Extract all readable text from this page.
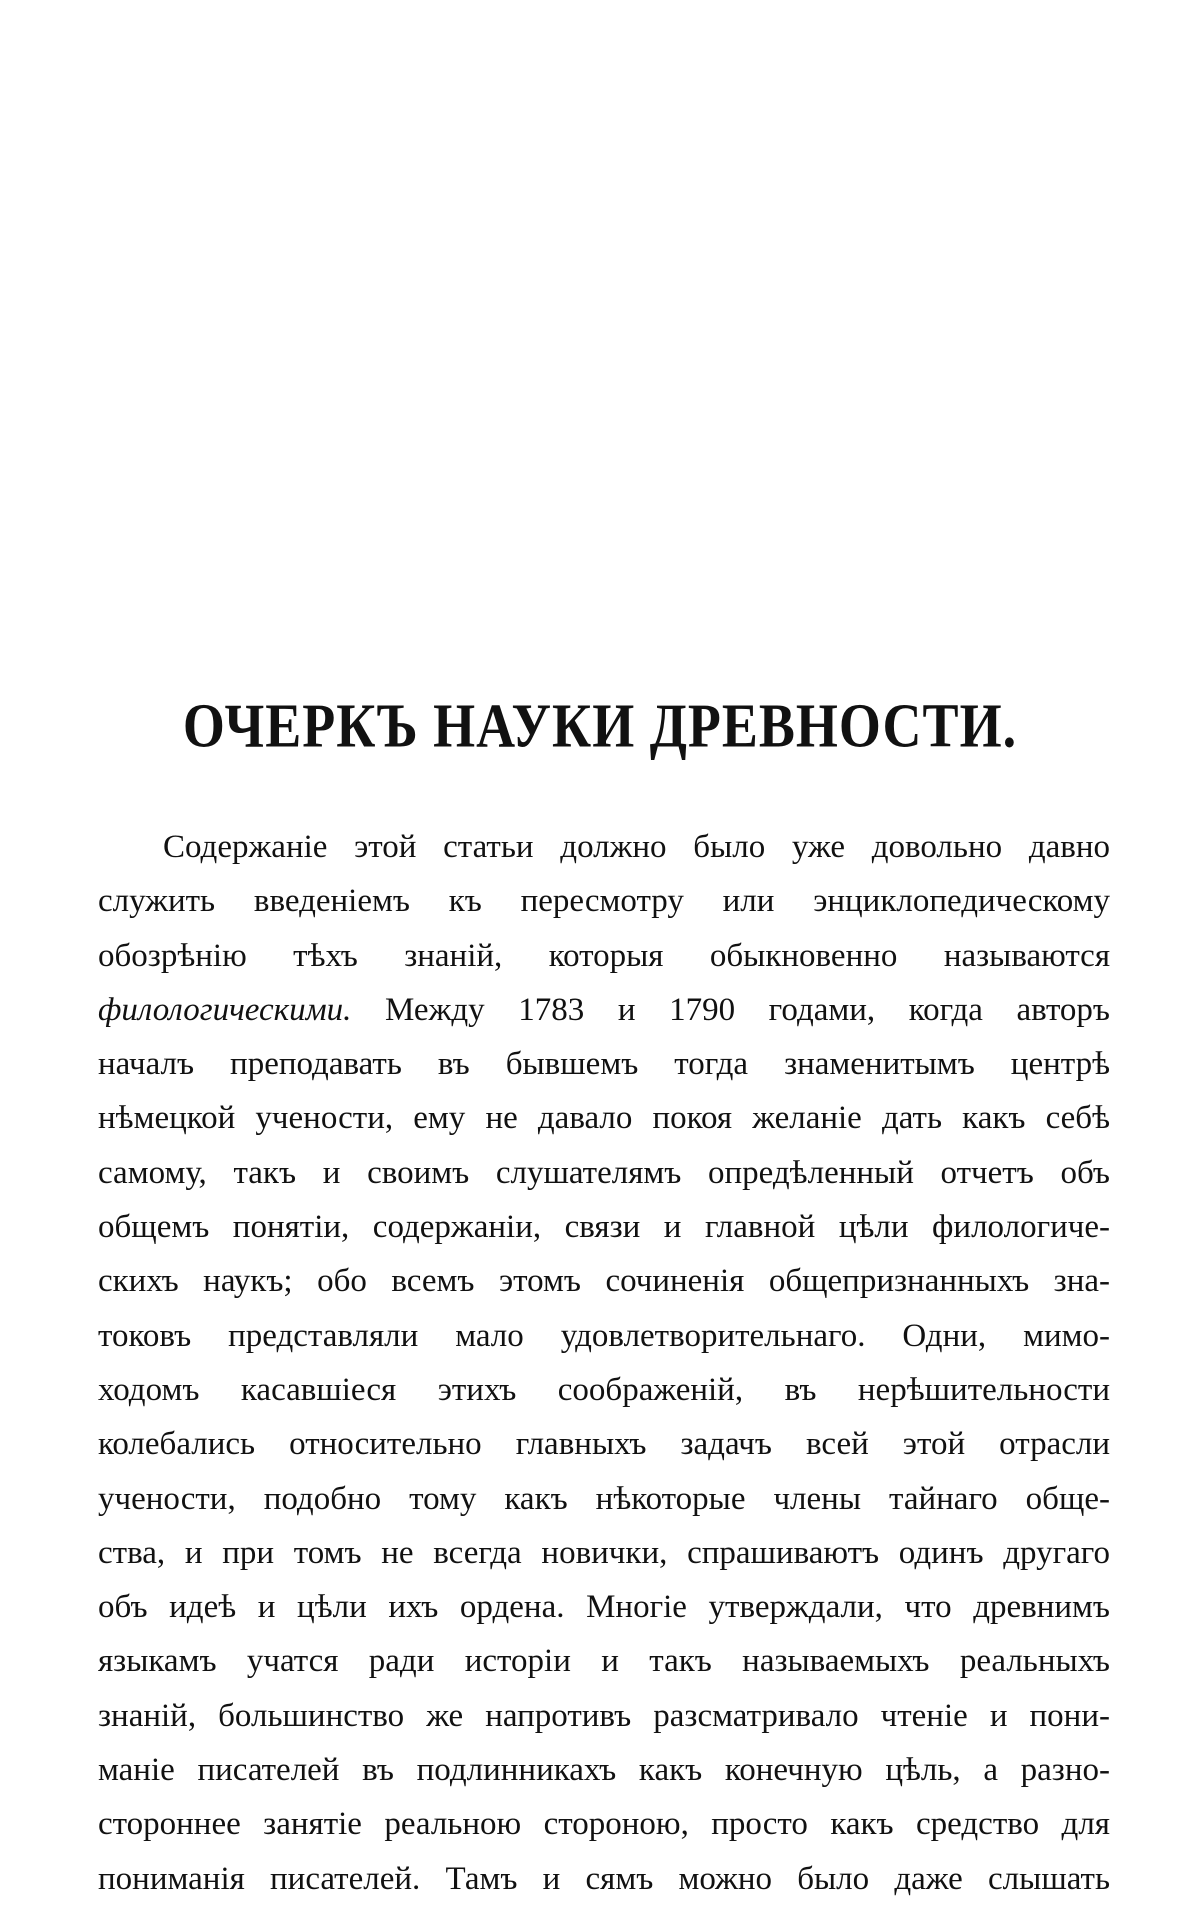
ОЧЕРКЪ НАУКИ ДРЕВНОСТИ.
Содержаніе этой статьи должно было уже довольно давно
служить введеніемъ къ пересмотру или энциклопедическому
обозрѣнію тѣхъ знаній, которыя обыкновенно называются
филологическими. Между 1783 и 1790 годами, когда авторъ
началъ преподавать въ бывшемъ тогда знаменитымъ центрѣ
нѣмецкой учености, ему не давало покоя желаніе дать какъ себѣ
самому, такъ и своимъ слушателямъ опредѣленный отчетъ объ
общемъ понятіи, содержаніи, связи и главной цѣли филологиче-
скихъ наукъ; обо всемъ этомъ сочиненія общепризнанныхъ зна-
токовъ представляли мало удовлетворительнаго. Одни, мимо-
ходомъ касавшіеся этихъ соображеній, въ нерѣшительности
колебались относительно главныхъ задачъ всей этой отрасли
учености, подобно тому какъ нѣкоторые члены тайнаго обще-
ства, и при томъ не всегда новички, спрашиваютъ одинъ другаго
объ идеѣ и цѣли ихъ ордена. Многіе утверждали, что древнимъ
языкамъ учатся ради исторіи и такъ называемыхъ реальныхъ
знаній, большинство же напротивъ разсматривало чтеніе и пони-
маніе писателей въ подлинникахъ какъ конечную цѣль, а разно-
стороннее занятіе реальною стороною, просто какъ средство для
пониманія писателей. Тамъ и сямъ можно было даже слышать
